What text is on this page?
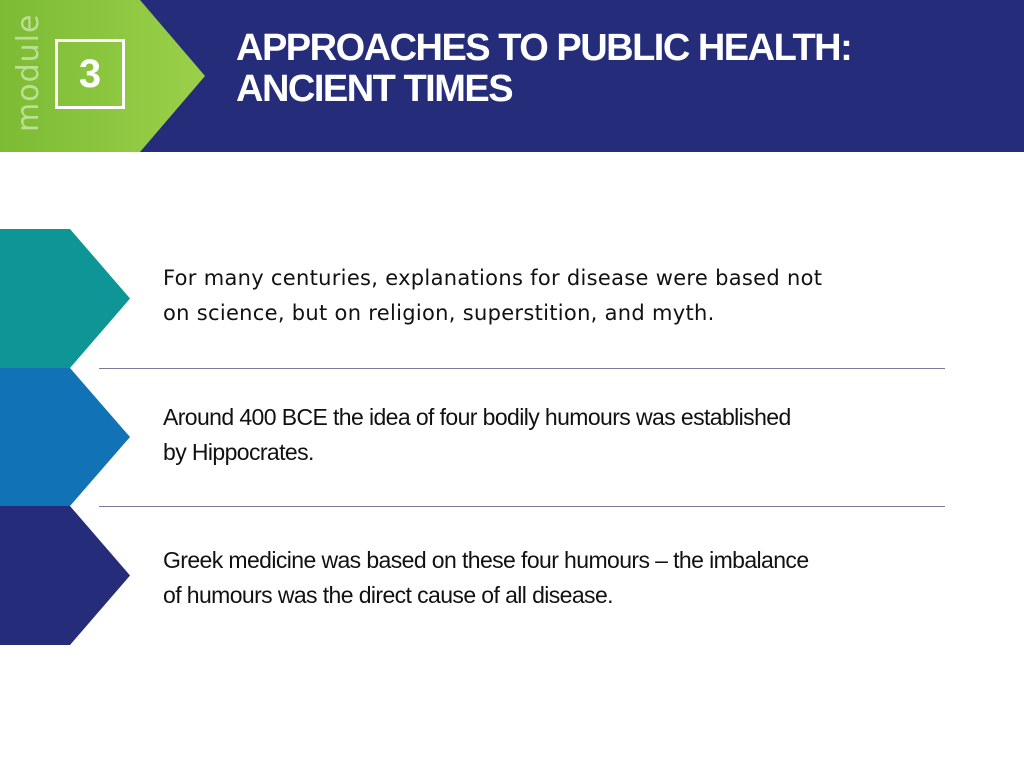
module 3
APPROACHES TO PUBLIC HEALTH:
ANCIENT TIMES
For many centuries, explanations for disease were based not
on science, but on religion, superstition, and myth.
Around 400 BCE the idea of four bodily humours was established
by Hippocrates.
Greek medicine was based on these four humours – the imbalance
of humours was the direct cause of all disease.
